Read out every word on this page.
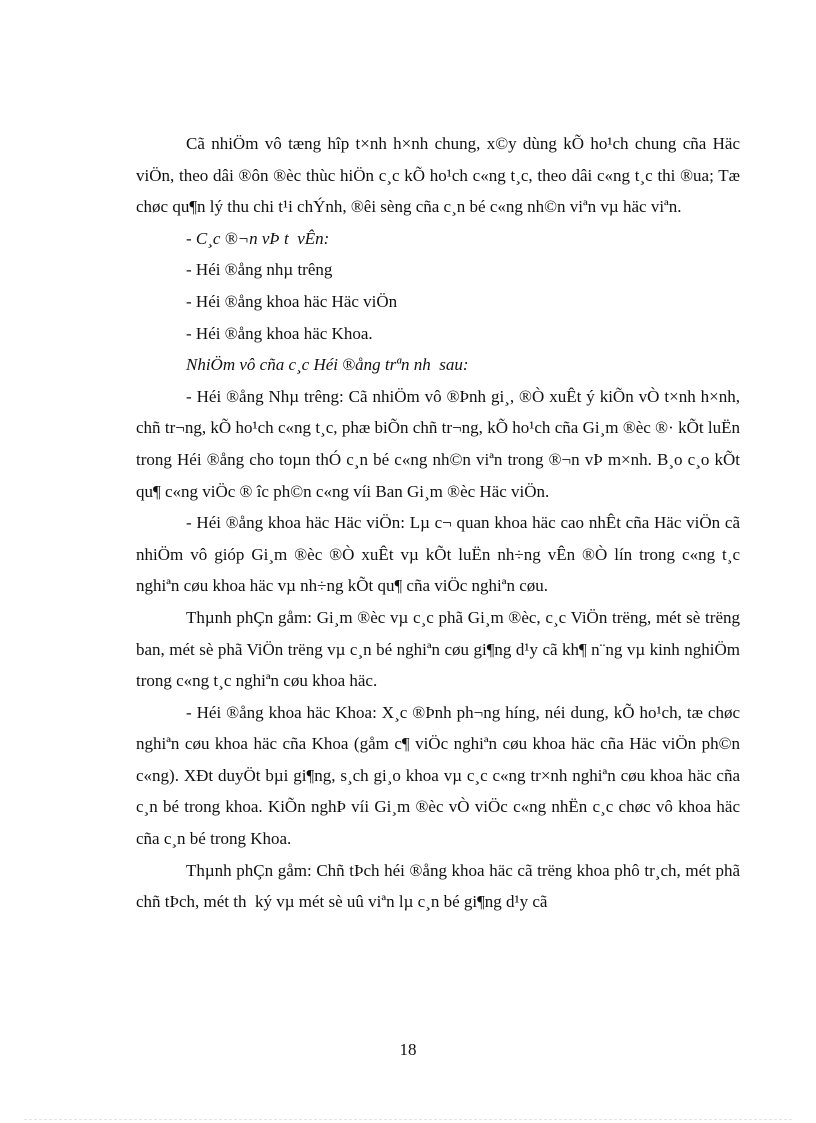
Cã nhiÖm vô tæng hîp t×nh h×nh chung, x©y dùng kÕ ho¹ch chung cña Häc viÖn, theo dâi ®ôn ®èc thùc hiÖn c¸c kÕ ho¹ch c«ng t¸c, theo dâi c«ng t¸c thi ®ua; Tæ chøc qu¶n lý thu chi t¹i chÝnh, ®êi sèng cña c¸n bé c«ng nh©n viªn vµ häc viªn.

- C¸c ®¬n vÞ t  vÊn:

- Héi ®ång nhµ trêng

- Héi ®ång khoa häc Häc viÖn

- Héi ®ång khoa häc Khoa.

NhiÖm vô cña c¸c Héi ®ång trªn nh  sau:

- Héi ®ång Nhµ trêng: Cã nhiÖm vô ®Þnh gi¸, ®Ò xuÊt ý kiÕn vÒ t×nh h×nh, chñ tr¬ng, kÕ ho¹ch c«ng t¸c, phæ biÕn chñ tr¬ng, kÕ ho¹ch cña Gi¸m ®èc ®· kÕt luËn trong Héi ®ång cho toµn thÓ c¸n bé c«ng nh©n viªn trong ®¬n vÞ m×nh. B¸o c¸o kÕt qu¶ c«ng viÖc ® îc ph©n c«ng víi Ban Gi¸m ®èc Häc viÖn.

- Héi ®ång khoa häc Häc viÖn: Lµ c¬ quan khoa häc cao nhÊt cña Häc viÖn cã nhiÖm vô gióp Gi¸m ®èc ®Ò xuÊt vµ kÕt luËn nh÷ng vÊn ®Ò lín trong c«ng t¸c nghiªn cøu khoa häc vµ nh÷ng kÕt qu¶ cña viÖc nghiªn cøu.

Thµnh phÇn gåm: Gi¸m ®èc vµ c¸c phã Gi¸m ®èc, c¸c ViÖn trëng, mét sè trëng ban, mét sè phã ViÖn trëng vµ c¸n bé nghiªn cøu gi¶ng d¹y cã kh¶ n¨ng vµ kinh nghiÖm trong c«ng t¸c nghiªn cøu khoa häc.

- Héi ®ång khoa häc Khoa: X¸c ®Þnh ph¬ng híng, néi dung, kÕ ho¹ch, tæ chøc nghiªn cøu khoa häc cña Khoa (gåm c¶ viÖc nghiªn cøu khoa häc cña Häc viÖn ph©n c«ng). XÐt duyÖt bµi gi¶ng, s¸ch gi¸o khoa vµ c¸c c«ng tr×nh nghiªn cøu khoa häc cña c¸n bé trong khoa. KiÕn nghÞ víi Gi¸m ®èc vÒ viÖc c«ng nhËn c¸c chøc vô khoa häc cña c¸n bé trong Khoa.

Thµnh phÇn gåm: Chñ tÞch héi ®ång khoa häc cã trëng khoa phô tr¸ch, mét phã chñ tÞch, mét th  ký vµ mét sè uû viªn lµ c¸n bé gi¶ng d¹y cã

18
